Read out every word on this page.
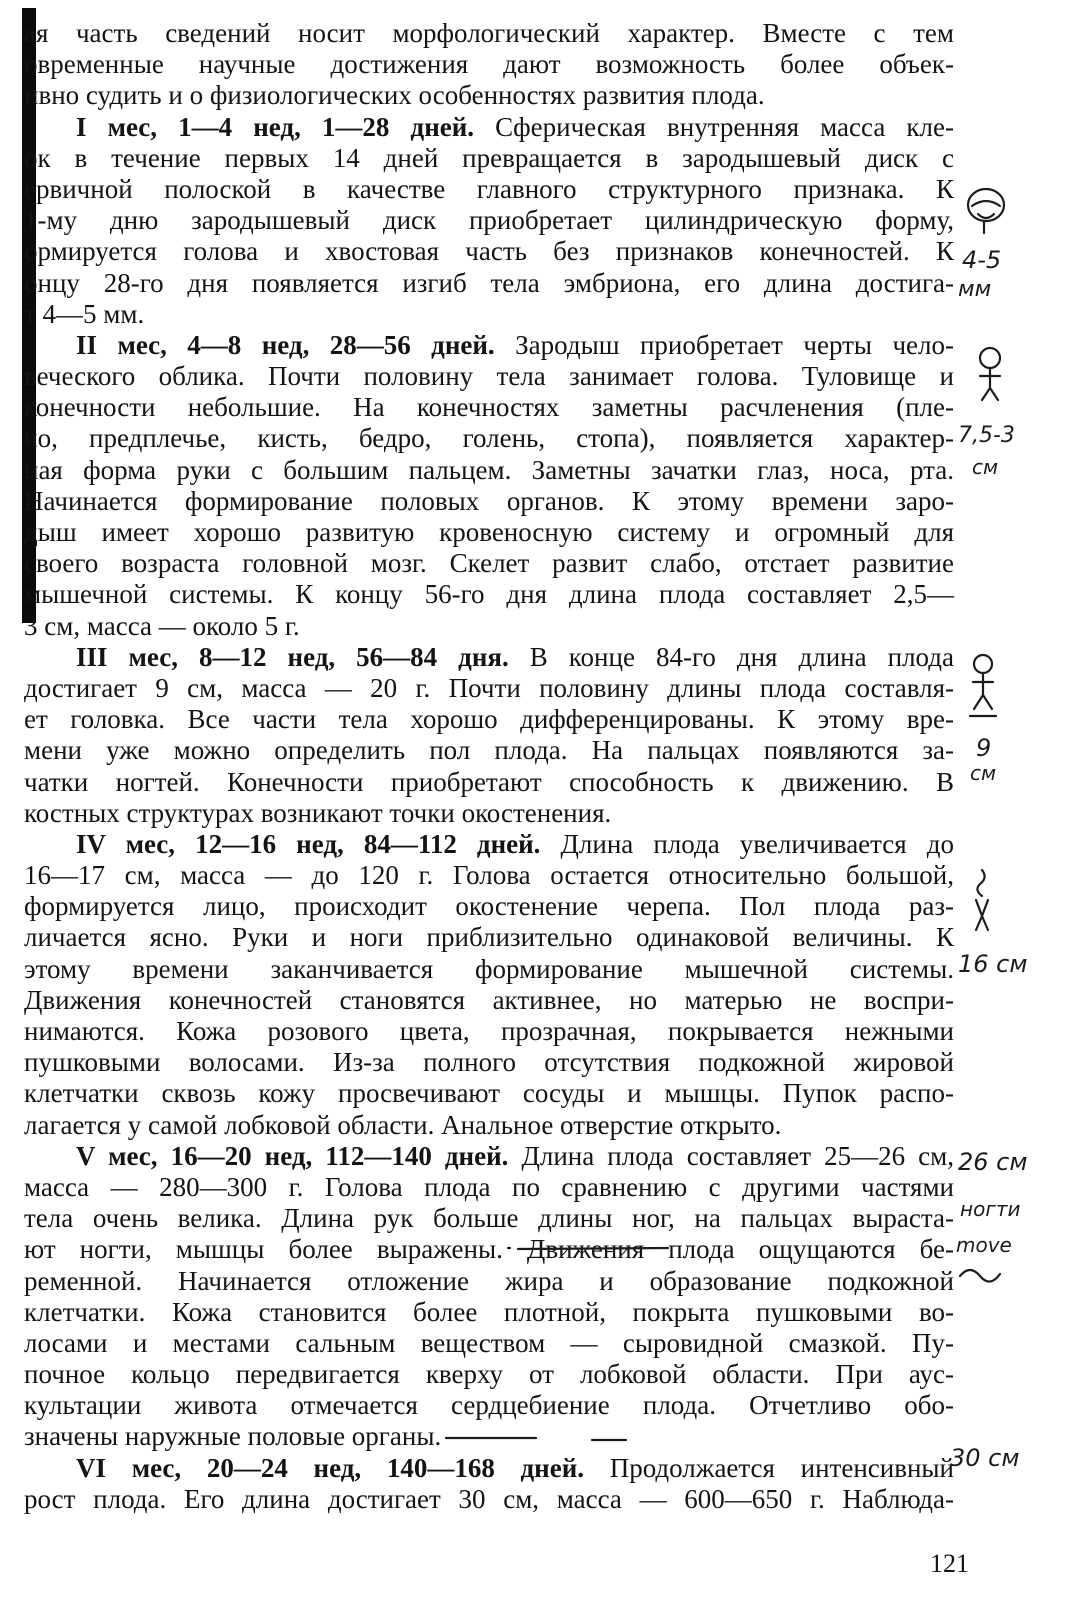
ая часть сведений носит морфологический характер. Вместе с тем
овременные научные достижения дают возможность более объек-
ивно судить и о физиологических особенностях развития плода.
I мес, 1—4 нед, 1—28 дней. Сферическая внутренняя масса кле-
ок в течение первых 14 дней превращается в зародышевый диск с
ервичной полоской в качестве главного структурного признака. К
1-му дню зародышевый диск приобретает цилиндрическую форму,
ормируется голова и хвостовая часть без признаков конечностей. К
онцу 28-го дня появляется изгиб тела эмбриона, его длина достига-
т 4—5 мм.
II мес, 4—8 нед, 28—56 дней. Зародыш приобретает черты чело-
веческого облика. Почти половину тела занимает голова. Туловище и
конечности небольшие. На конечностях заметны расчленения (пле-
чо, предплечье, кисть, бедро, голень, стопа), появляется характер-
ная форма руки с большим пальцем. Заметны зачатки глаз, носа, рта.
Начинается формирование половых органов. К этому времени заро-
дыш имеет хорошо развитую кровеносную систему и огромный для
своего возраста головной мозг. Скелет развит слабо, отстает развитие
мышечной системы. К концу 56-го дня длина плода составляет 2,5—
3 см, масса — около 5 г.
III мес, 8—12 нед, 56—84 дня. В конце 84-го дня длина плода
достигает 9 см, масса — 20 г. Почти половину длины плода составля-
ет головка. Все части тела хорошо дифференцированы. К этому вре-
мени уже можно определить пол плода. На пальцах появляются за-
чатки ногтей. Конечности приобретают способность к движению. В
костных структурах возникают точки окостенения.
IV мес, 12—16 нед, 84—112 дней. Длина плода увеличивается до
16—17 см, масса — до 120 г. Голова остается относительно большой,
формируется лицо, происходит окостенение черепа. Пол плода раз-
личается ясно. Руки и ноги приблизительно одинаковой величины. К
этому времени заканчивается формирование мышечной системы.
Движения конечностей становятся активнее, но матерью не воспри-
нимаются. Кожа розового цвета, прозрачная, покрывается нежными
пушковыми волосами. Из-за полного отсутствия подкожной жировой
клетчатки сквозь кожу просвечивают сосуды и мышцы. Пупок распо-
лагается у самой лобковой области. Анальное отверстие открыто.
V мес, 16—20 нед, 112—140 дней. Длина плода составляет 25—26 см,
масса — 280—300 г. Голова плода по сравнению с другими частями
тела очень велика. Длина рук больше длины ног, на пальцах выраста-
ют ногти, мышцы более выражены. Движения плода ощущаются бе-
ременной. Начинается отложение жира и образование подкожной
клетчатки. Кожа становится более плотной, покрыта пушковыми во-
лосами и местами сальным веществом — сыровидной смазкой. Пу-
почное кольцо передвигается кверху от лобковой области. При аус-
культации живота отмечается сердцебиение плода. Отчетливо обо-
значены наружные половые органы.
VI мес, 20—24 нед, 140—168 дней. Продолжается интенсивный
рост плода. Его длина достигает 30 см, масса — 600—650 г. Наблюда-
121
4-5
мм
7,5-3
см
9
см
16 см
26 см
ногти
move
30 см
